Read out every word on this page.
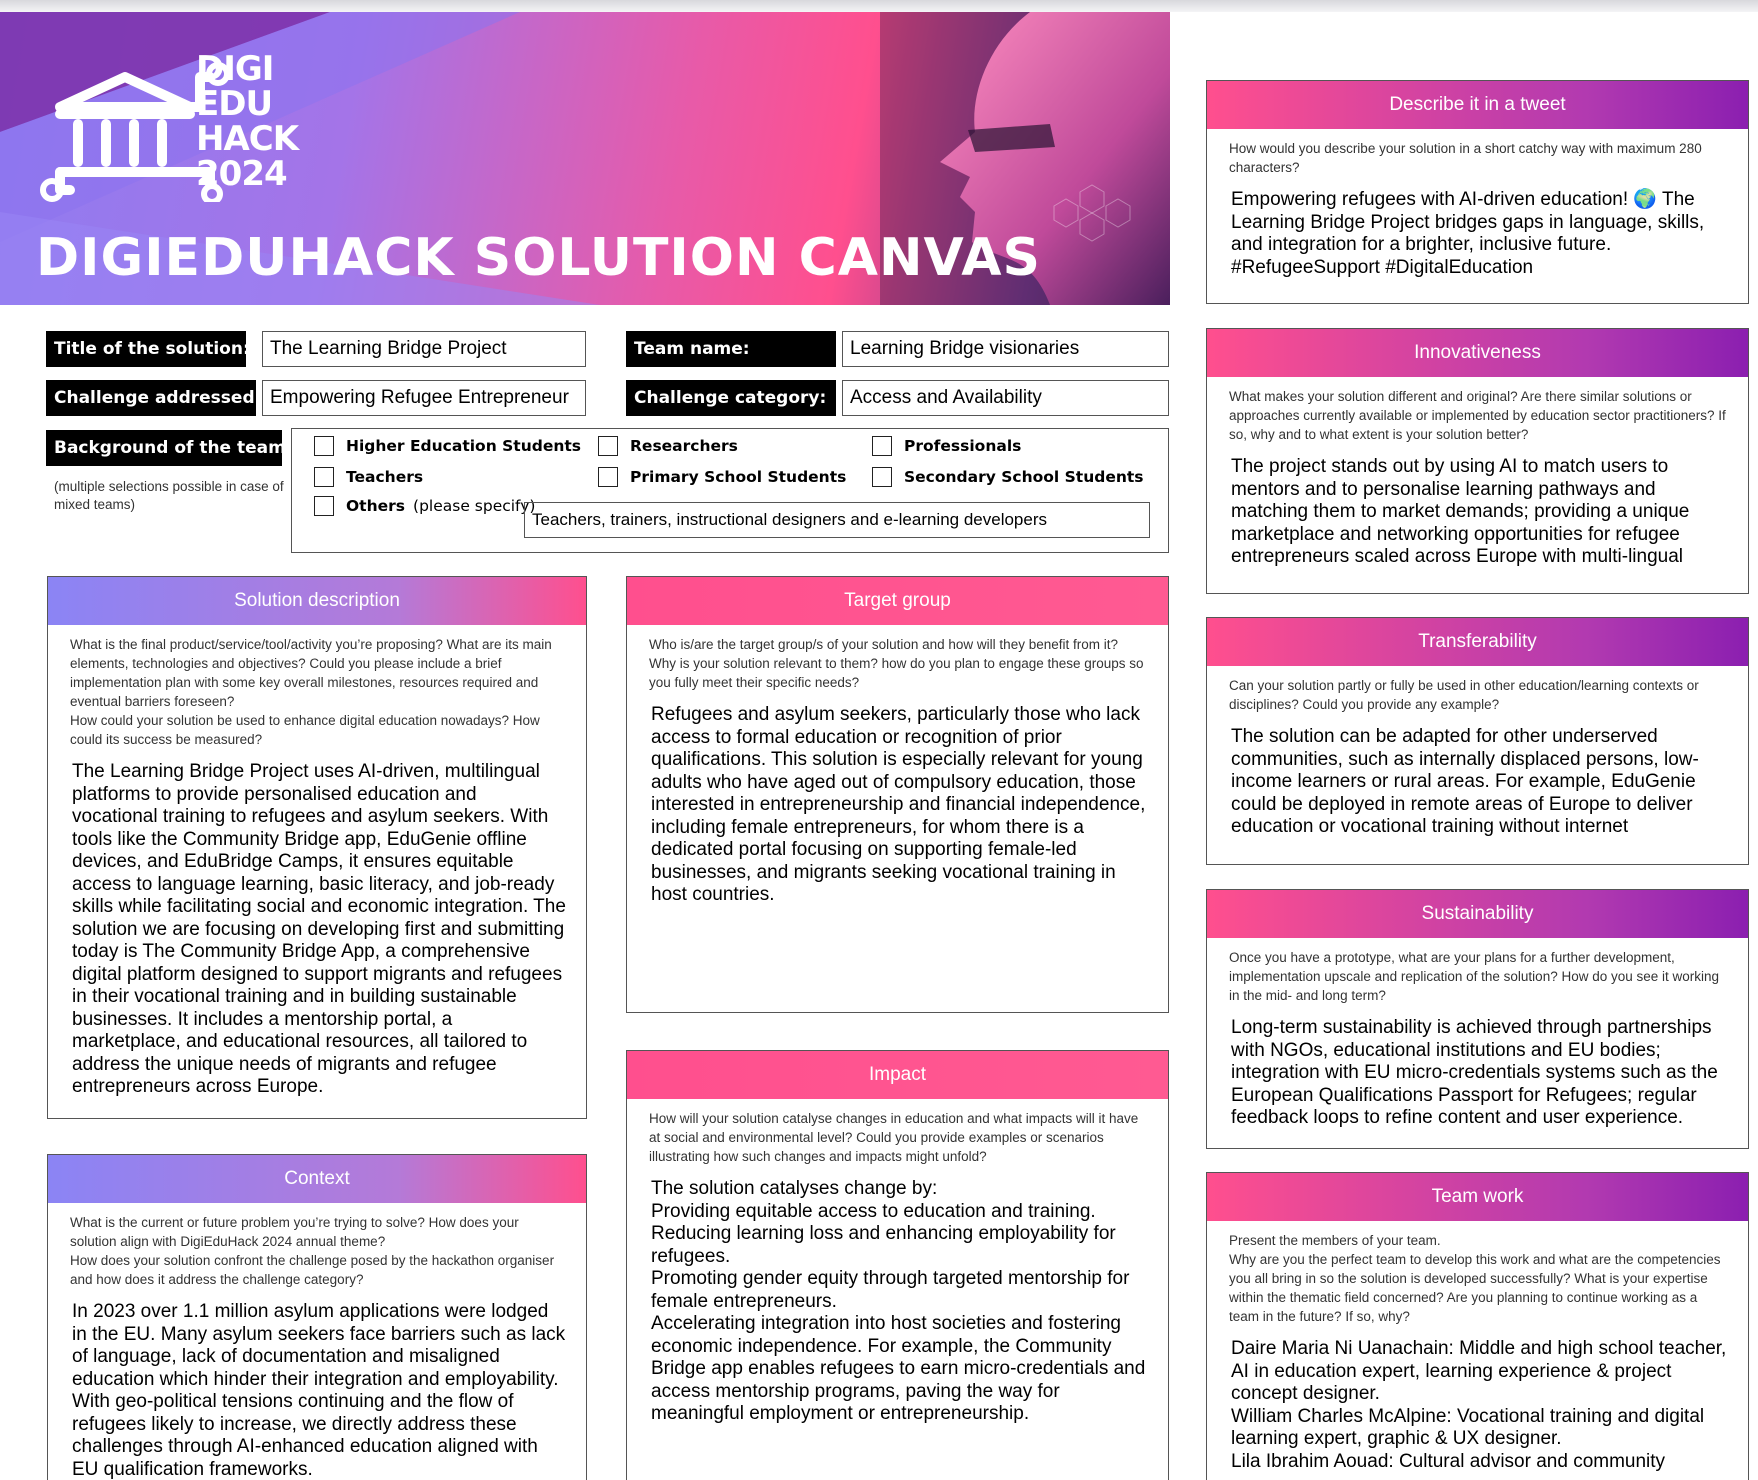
DIGI
EDU
HACK
2024
DIGIEDUHACK SOLUTION CANVAS
Title of the solution:	The Learning Bridge Project	Team name:	Learning Bridge visionaries
Challenge addressed: Empowering Refugee Entrepreneur	Challenge category:	Access and Availability
Background of the team:
(multiple selections possible in case of mixed teams)
Higher Education Students	Researchers	Professionals
Teachers	Primary School Students	Secondary School Students
Others (please specify)
Teachers, trainers, instructional designers and e-learning developers
Solution description
What is the final product/service/tool/activity you’re proposing? What are its main elements, technologies and objectives? Could you please include a brief implementation plan with some key overall milestones, resources required and eventual barriers foreseen?
How could your solution be used to enhance digital education nowadays? How could its success be measured?
The Learning Bridge Project uses AI-driven, multilingual platforms to provide personalised education and vocational training to refugees and asylum seekers. With tools like the Community Bridge app, EduGenie offline devices, and EduBridge Camps, it ensures equitable access to language learning, basic literacy, and job-ready skills while facilitating social and economic integration. The solution we are focusing on developing first and submitting today is The Community Bridge App, a comprehensive digital platform designed to support migrants and refugees in their vocational training and in building sustainable businesses. It includes a mentorship portal, a marketplace, and educational resources, all tailored to address the unique needs of migrants and refugee entrepreneurs across Europe.
Context
What is the current or future problem you’re trying to solve? How does your solution align with DigiEduHack 2024 annual theme?
How does your solution confront the challenge posed by the hackathon organiser and how does it address the challenge category?
In 2023 over 1.1 million asylum applications were lodged in the EU. Many asylum seekers face barriers such as lack of language, lack of documentation and misaligned education which hinder their integration and employability. With geo-political tensions continuing and the flow of refugees likely to increase, we directly address these challenges through AI-enhanced education aligned with EU qualification frameworks.
Target group
Who is/are the target group/s of your solution and how will they benefit from it? Why is your solution relevant to them? how do you plan to engage these groups so you fully meet their specific needs?
Refugees and asylum seekers, particularly those who lack access to formal education or recognition of prior qualifications. This solution is especially relevant for young adults who have aged out of compulsory education, those interested in entrepreneurship and financial independence, including female entrepreneurs, for whom there is a dedicated portal focusing on supporting female-led businesses, and migrants seeking vocational training in host countries.
Impact
How will your solution catalyse changes in education and what impacts will it have at social and environmental level? Could you provide examples or scenarios illustrating how such changes and impacts might unfold?
The solution catalyses change by:
Providing equitable access to education and training.
Reducing learning loss and enhancing employability for refugees.
Promoting gender equity through targeted mentorship for female entrepreneurs.
Accelerating integration into host societies and fostering economic independence. For example, the Community Bridge app enables refugees to earn micro-credentials and access mentorship programs, paving the way for meaningful employment or entrepreneurship.
Describe it in a tweet
How would you describe your solution in a short catchy way with maximum 280 characters?
Empowering refugees with AI-driven education! 🌍 The Learning Bridge Project bridges gaps in language, skills, and integration for a brighter, inclusive future. #RefugeeSupport #DigitalEducation
Innovativeness
What makes your solution different and original? Are there similar solutions or approaches currently available or implemented by education sector practitioners? If so, why and to what extent is your solution better?
The project stands out by using AI to match users to mentors and to personalise learning pathways and matching them to market demands; providing a unique marketplace and networking opportunities for refugee entrepreneurs scaled across Europe with multi-lingual
Transferability
Can your solution partly or fully be used in other education/learning contexts or disciplines? Could you provide any example?
The solution can be adapted for other underserved communities, such as internally displaced persons, low-income learners or rural areas. For example, EduGenie could be deployed in remote areas of Europe to deliver education or vocational training without internet
Sustainability
Once you have a prototype, what are your plans for a further development, implementation upscale and replication of the solution? How do you see it working in the mid- and long term?
Long-term sustainability is achieved through partnerships with NGOs, educational institutions and EU bodies; integration with EU micro-credentials systems such as the European Qualifications Passport for Refugees; regular feedback loops to refine content and user experience.
Team work
Present the members of your team.
Why are you the perfect team to develop this work and what are the competencies you all bring in so the solution is developed successfully? What is your expertise within the thematic field concerned? Are you planning to continue working as a team in the future? If so, why?
Daire Maria Ni Uanachain: Middle and high school teacher, AI in education expert, learning experience & project concept designer.
William Charles McAlpine: Vocational training and digital learning expert, graphic & UX designer.
Lila Ibrahim Aouad: Cultural advisor and community
